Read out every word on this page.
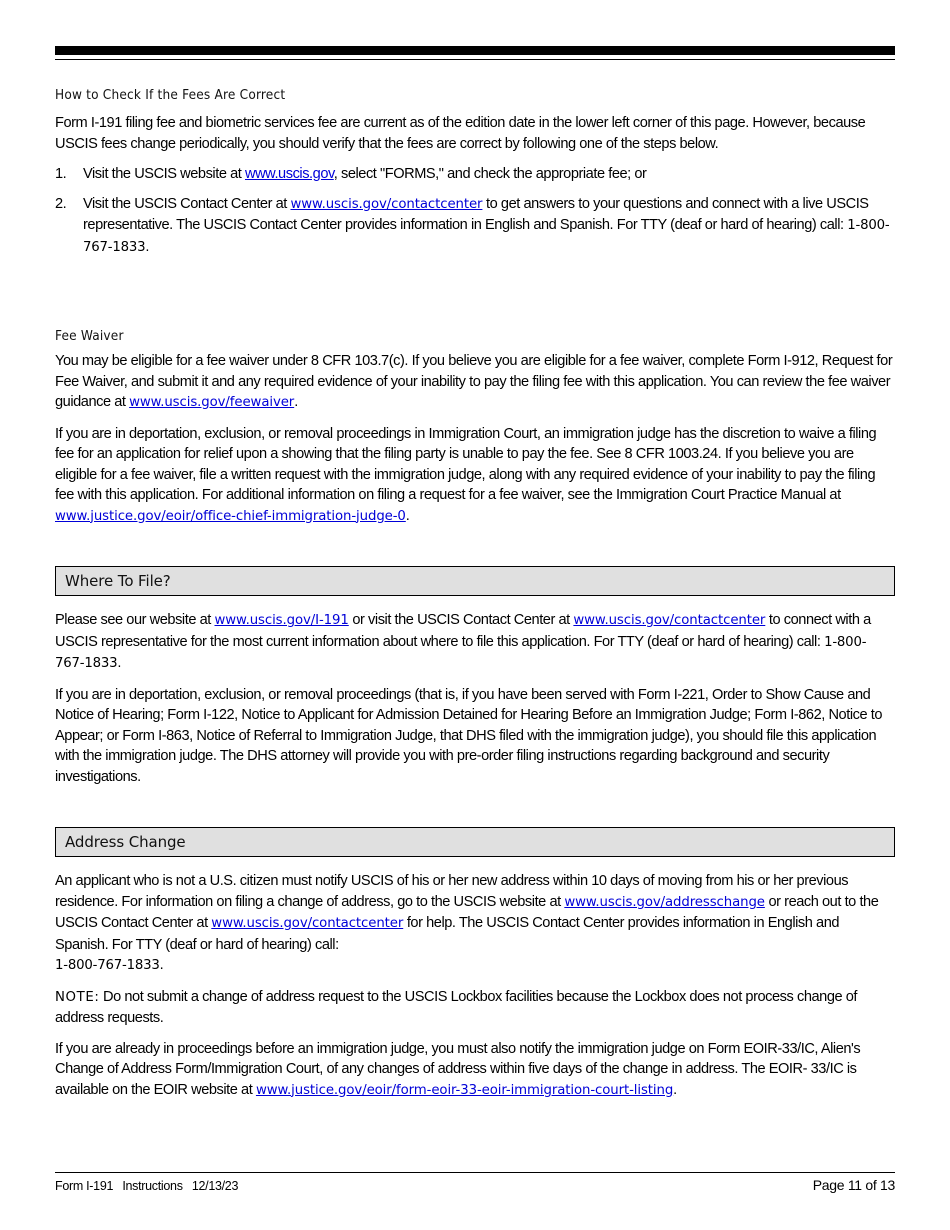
How to Check If the Fees Are Correct

Form I-191 filing fee and biometric services fee are current as of the edition date in the lower left corner of this page. However, because USCIS fees change periodically, you should verify that the fees are correct by following one of the steps below.

1. Visit the USCIS website at www.uscis.gov, select "FORMS," and check the appropriate fee; or
2. Visit the USCIS Contact Center at www.uscis.gov/contactcenter to get answers to your questions and connect with a live USCIS representative. The USCIS Contact Center provides information in English and Spanish. For TTY (deaf or hard of hearing) call: 1-800-767-1833.
Fee Waiver

You may be eligible for a fee waiver under 8 CFR 103.7(c). If you believe you are eligible for a fee waiver, complete Form I-912, Request for Fee Waiver, and submit it and any required evidence of your inability to pay the filing fee with this application. You can review the fee waiver guidance at www.uscis.gov/feewaiver.

If you are in deportation, exclusion, or removal proceedings in Immigration Court, an immigration judge has the discretion to waive a filing fee for an application for relief upon a showing that the filing party is unable to pay the fee. See 8 CFR 1003.24. If you believe you are eligible for a fee waiver, file a written request with the immigration judge, along with any required evidence of your inability to pay the filing fee with this application. For additional information on filing a request for a fee waiver, see the Immigration Court Practice Manual at www.justice.gov/eoir/office-chief-immigration-judge-0.

Where To File?

Please see our website at www.uscis.gov/I-191 or visit the USCIS Contact Center at www.uscis.gov/contactcenter to connect with a USCIS representative for the most current information about where to file this application. For TTY (deaf or hard of hearing) call: 1-800-767-1833.

If you are in deportation, exclusion, or removal proceedings (that is, if you have been served with Form I-221, Order to Show Cause and Notice of Hearing; Form I-122, Notice to Applicant for Admission Detained for Hearing Before an Immigration Judge; Form I-862, Notice to Appear; or Form I-863, Notice of Referral to Immigration Judge, that DHS filed with the immigration judge), you should file this application with the immigration judge. The DHS attorney will provide you with pre-order filing instructions regarding background and security investigations.

Address Change

An applicant who is not a U.S. citizen must notify USCIS of his or her new address within 10 days of moving from his or her previous residence. For information on filing a change of address, go to the USCIS website at www.uscis.gov/addresschange or reach out to the USCIS Contact Center at www.uscis.gov/contactcenter for help. The USCIS Contact Center provides information in English and Spanish. For TTY (deaf or hard of hearing) call:
1-800-767-1833.

NOTE: Do not submit a change of address request to the USCIS Lockbox facilities because the Lockbox does not process change of address requests.

If you are already in proceedings before an immigration judge, you must also notify the immigration judge on Form EOIR-33/IC, Alien's Change of Address Form/Immigration Court, of any changes of address within five days of the change in address. The EOIR- 33/IC is available on the EOIR website at www.justice.gov/eoir/form-eoir-33-eoir-immigration-court-listing.

Form I-191 Instructions 12/13/23	Page 11 of 13
